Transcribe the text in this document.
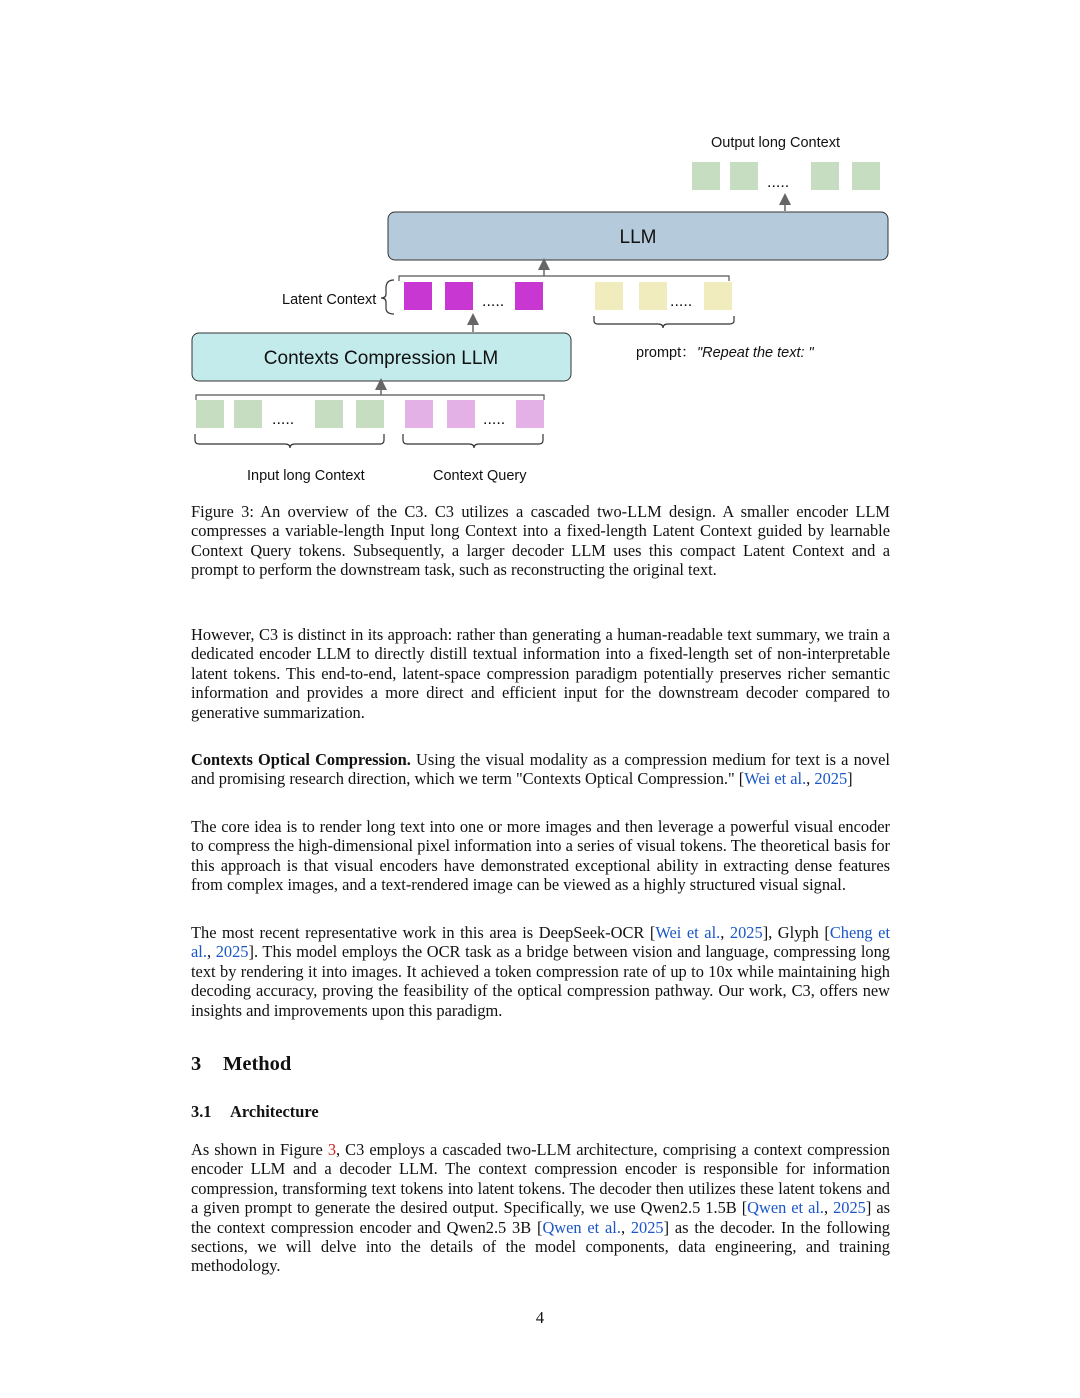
Output long Context
.....
LLM
Latent Context	.....	.....
prompt： "Repeat the text: "
Contexts Compression LLM
.....	.....
Input long Context	Context Query

Figure 3: An overview of the C3. C3 utilizes a cascaded two-LLM design. A smaller encoder LLM compresses a variable-length Input long Context into a fixed-length Latent Context guided by learnable Context Query tokens. Subsequently, a larger decoder LLM uses this compact Latent Context and a prompt to perform the downstream task, such as reconstructing the original text.

However, C3 is distinct in its approach: rather than generating a human-readable text summary, we train a dedicated encoder LLM to directly distill textual information into a fixed-length set of non-interpretable latent tokens. This end-to-end, latent-space compression paradigm potentially preserves richer semantic information and provides a more direct and efficient input for the downstream decoder compared to generative summarization.

Contexts Optical Compression. Using the visual modality as a compression medium for text is a novel and promising research direction, which we term "Contexts Optical Compression." [Wei et al., 2025]

The core idea is to render long text into one or more images and then leverage a powerful visual encoder to compress the high-dimensional pixel information into a series of visual tokens. The theoretical basis for this approach is that visual encoders have demonstrated exceptional ability in extracting dense features from complex images, and a text-rendered image can be viewed as a highly structured visual signal.

The most recent representative work in this area is DeepSeek-OCR [Wei et al., 2025], Glyph [Cheng et al., 2025]. This model employs the OCR task as a bridge between vision and language, compressing long text by rendering it into images. It achieved a token compression rate of up to 10x while maintaining high decoding accuracy, proving the feasibility of the optical compression pathway. Our work, C3, offers new insights and improvements upon this paradigm.

3 Method
3.1 Architecture

As shown in Figure 3, C3 employs a cascaded two-LLM architecture, comprising a context compression encoder LLM and a decoder LLM. The context compression encoder is responsible for information compression, transforming text tokens into latent tokens. The decoder then utilizes these latent tokens and a given prompt to generate the desired output. Specifically, we use Qwen2.5 1.5B [Qwen et al., 2025] as the context compression encoder and Qwen2.5 3B [Qwen et al., 2025] as the decoder. In the following sections, we will delve into the details of the model components, data engineering, and training methodology.

4
